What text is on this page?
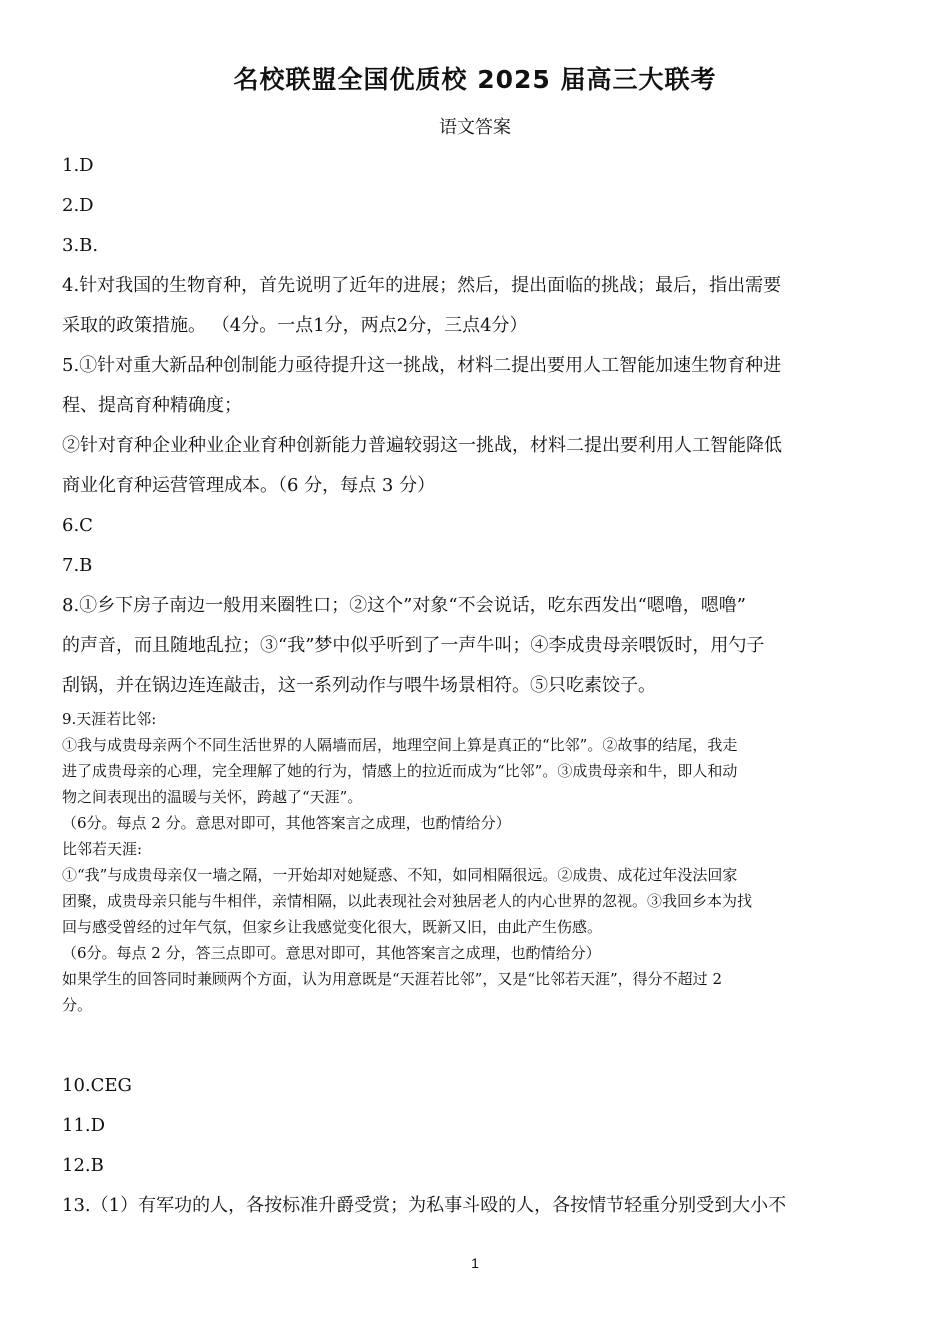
名校联盟全国优质校 2025 届高三大联考
语文答案
1.D
2.D
3.B.
4.针对我国的生物育种，首先说明了近年的进展；然后，提出面临的挑战；最后，指出需要
采取的政策措施。 （4分。一点1分，两点2分，三点4分）
5.①针对重大新品种创制能力亟待提升这一挑战，材料二提出要用人工智能加速生物育种进
程、提高育种精确度；
②针对育种企业种业企业育种创新能力普遍较弱这一挑战，材料二提出要利用人工智能降低
商业化育种运营管理成本。（6 分，每点 3 分）
6.C
7.B
8.①乡下房子南边一般用来圈牲口；②这个”对象“不会说话，吃东西发出“嗯噜，嗯噜”
的声音，而且随地乱拉；③“我”梦中似乎听到了一声牛叫；④李成贵母亲喂饭时，用勺子
刮锅，并在锅边连连敲击，这一系列动作与喂牛场景相符。⑤只吃素饺子。
9.天涯若比邻:
①我与成贵母亲两个不同生活世界的人隔墙而居，地理空间上算是真正的“比邻”。②故事的结尾，我走
进了成贵母亲的心理，完全理解了她的行为，情感上的拉近而成为“比邻”。③成贵母亲和牛，即人和动
物之间表现出的温暖与关怀，跨越了“天涯”。
（6分。每点 2 分。意思对即可，其他答案言之成理，也酌情给分）
比邻若天涯:
①“我”与成贵母亲仅一墙之隔，一开始却对她疑惑、不知，如同相隔很远。②成贵、成花过年没法回家
团聚，成贵母亲只能与牛相伴，亲情相隔，以此表现社会对独居老人的内心世界的忽视。③我回乡本为找
回与感受曾经的过年气氛，但家乡让我感觉变化很大，既新又旧，由此产生伤感。
（6分。每点 2 分，答三点即可。意思对即可，其他答案言之成理，也酌情给分）
如果学生的回答同时兼顾两个方面，认为用意既是“天涯若比邻”，又是“比邻若天涯”，得分不超过 2
分。
10.CEG
11.D
12.B
13.（1）有军功的人，各按标准升爵受赏；为私事斗殴的人，各按情节轻重分别受到大小不
1
